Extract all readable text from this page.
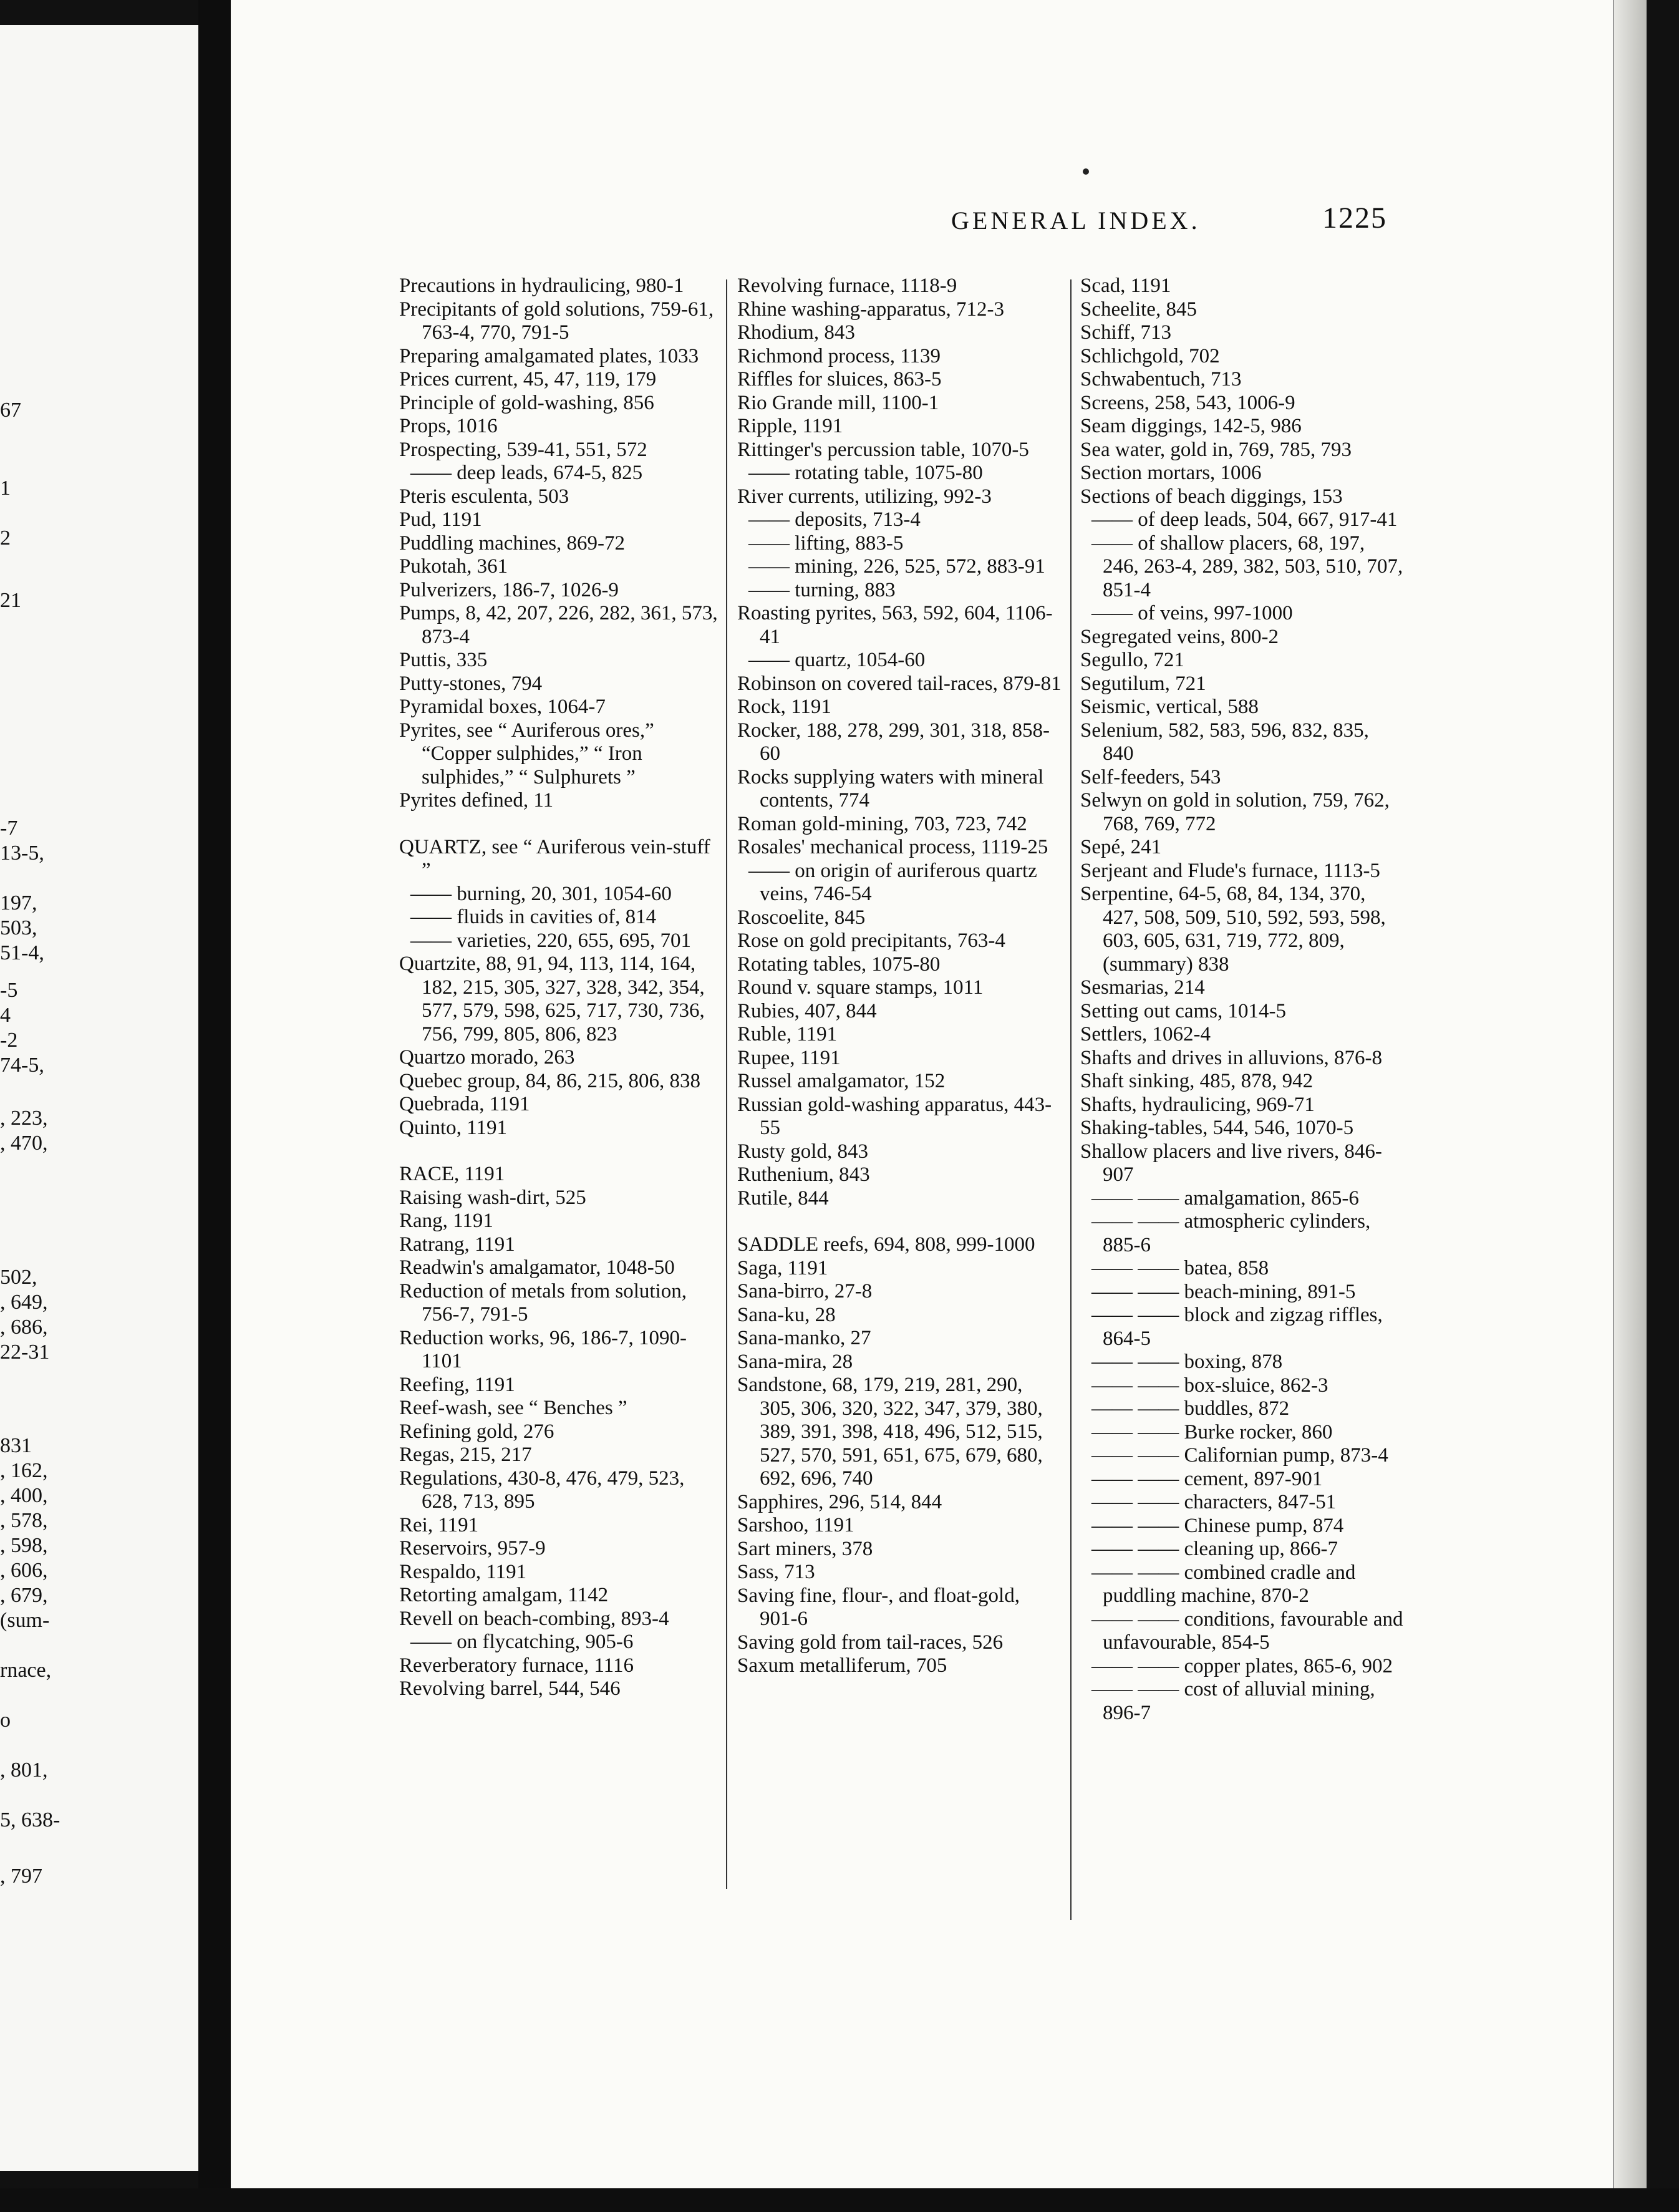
67
1
2
21
-7
13-5,
197,
503,
51-4,
-5
4
-2
74-5,
, 223,
, 470,
502,
, 649,
, 686,
22-31
831
, 162,
, 400,
, 578,
, 598,
, 606,
, 679,
(sum-
rnace,
o
, 801,
5, 638-
, 797
GENERAL INDEX.	1225
Precautions in hydraulicing, 980-1
Precipitants of gold solutions, 759-61, 763-4, 770, 791-5
Preparing amalgamated plates, 1033
Prices current, 45, 47, 119, 179
Principle of gold-washing, 856
Props, 1016
Prospecting, 539-41, 551, 572
—— deep leads, 674-5, 825
Pteris esculenta, 503
Pud, 1191
Puddling machines, 869-72
Pukotah, 361
Pulverizers, 186-7, 1026-9
Pumps, 8, 42, 207, 226, 282, 361, 573, 873-4
Puttis, 335
Putty-stones, 794
Pyramidal boxes, 1064-7
Pyrites, see “ Auriferous ores,” “Copper sulphides,” “ Iron sulphides,” “ Sulphurets ”
Pyrites defined, 11
QUARTZ, see “ Auriferous vein-stuff ”
—— burning, 20, 301, 1054-60
—— fluids in cavities of, 814
—— varieties, 220, 655, 695, 701
Quartzite, 88, 91, 94, 113, 114, 164, 182, 215, 305, 327, 328, 342, 354, 577, 579, 598, 625, 717, 730, 736, 756, 799, 805, 806, 823
Quartzo morado, 263
Quebec group, 84, 86, 215, 806, 838
Quebrada, 1191
Quinto, 1191
RACE, 1191
Raising wash-dirt, 525
Rang, 1191
Ratrang, 1191
Readwin's amalgamator, 1048-50
Reduction of metals from solution, 756-7, 791-5
Reduction works, 96, 186-7, 1090-1101
Reefing, 1191
Reef-wash, see “ Benches ”
Refining gold, 276
Regas, 215, 217
Regulations, 430-8, 476, 479, 523, 628, 713, 895
Rei, 1191
Reservoirs, 957-9
Respaldo, 1191
Retorting amalgam, 1142
Revell on beach-combing, 893-4
—— on flycatching, 905-6
Reverberatory furnace, 1116
Revolving barrel, 544, 546
Revolving furnace, 1118-9
Rhine washing-apparatus, 712-3
Rhodium, 843
Richmond process, 1139
Riffles for sluices, 863-5
Rio Grande mill, 1100-1
Ripple, 1191
Rittinger's percussion table, 1070-5
—— rotating table, 1075-80
River currents, utilizing, 992-3
—— deposits, 713-4
—— lifting, 883-5
—— mining, 226, 525, 572, 883-91
—— turning, 883
Roasting pyrites, 563, 592, 604, 1106-41
—— quartz, 1054-60
Robinson on covered tail-races, 879-81
Rock, 1191
Rocker, 188, 278, 299, 301, 318, 858-60
Rocks supplying waters with mineral contents, 774
Roman gold-mining, 703, 723, 742
Rosales' mechanical process, 1119-25
—— on origin of auriferous quartz veins, 746-54
Roscoelite, 845
Rose on gold precipitants, 763-4
Rotating tables, 1075-80
Round v. square stamps, 1011
Rubies, 407, 844
Ruble, 1191
Rupee, 1191
Russel amalgamator, 152
Russian gold-washing apparatus, 443-55
Rusty gold, 843
Ruthenium, 843
Rutile, 844
SADDLE reefs, 694, 808, 999-1000
Saga, 1191
Sana-birro, 27-8
Sana-ku, 28
Sana-manko, 27
Sana-mira, 28
Sandstone, 68, 179, 219, 281, 290, 305, 306, 320, 322, 347, 379, 380, 389, 391, 398, 418, 496, 512, 515, 527, 570, 591, 651, 675, 679, 680, 692, 696, 740
Sapphires, 296, 514, 844
Sarshoo, 1191
Sart miners, 378
Sass, 713
Saving fine, flour-, and float-gold, 901-6
Saving gold from tail-races, 526
Saxum metalliferum, 705
Scad, 1191
Scheelite, 845
Schiff, 713
Schlichgold, 702
Schwabentuch, 713
Screens, 258, 543, 1006-9
Seam diggings, 142-5, 986
Sea water, gold in, 769, 785, 793
Section mortars, 1006
Sections of beach diggings, 153
—— of deep leads, 504, 667, 917-41
—— of shallow placers, 68, 197, 246, 263-4, 289, 382, 503, 510, 707, 851-4
—— of veins, 997-1000
Segregated veins, 800-2
Segullo, 721
Segutilum, 721
Seismic, vertical, 588
Selenium, 582, 583, 596, 832, 835, 840
Self-feeders, 543
Selwyn on gold in solution, 759, 762, 768, 769, 772
Sepé, 241
Serjeant and Flude's furnace, 1113-5
Serpentine, 64-5, 68, 84, 134, 370, 427, 508, 509, 510, 592, 593, 598, 603, 605, 631, 719, 772, 809, (summary) 838
Sesmarias, 214
Setting out cams, 1014-5
Settlers, 1062-4
Shafts and drives in alluvions, 876-8
Shaft sinking, 485, 878, 942
Shafts, hydraulicing, 969-71
Shaking-tables, 544, 546, 1070-5
Shallow placers and live rivers, 846-907
—— —— amalgamation, 865-6
—— —— atmospheric cylinders, 885-6
—— —— batea, 858
—— —— beach-mining, 891-5
—— —— block and zigzag riffles, 864-5
—— —— boxing, 878
—— —— box-sluice, 862-3
—— —— buddles, 872
—— —— Burke rocker, 860
—— —— Californian pump, 873-4
—— —— cement, 897-901
—— —— characters, 847-51
—— —— Chinese pump, 874
—— —— cleaning up, 866-7
—— —— combined cradle and puddling machine, 870-2
—— —— conditions, favourable and unfavourable, 854-5
—— —— copper plates, 865-6, 902
—— —— cost of alluvial mining, 896-7
